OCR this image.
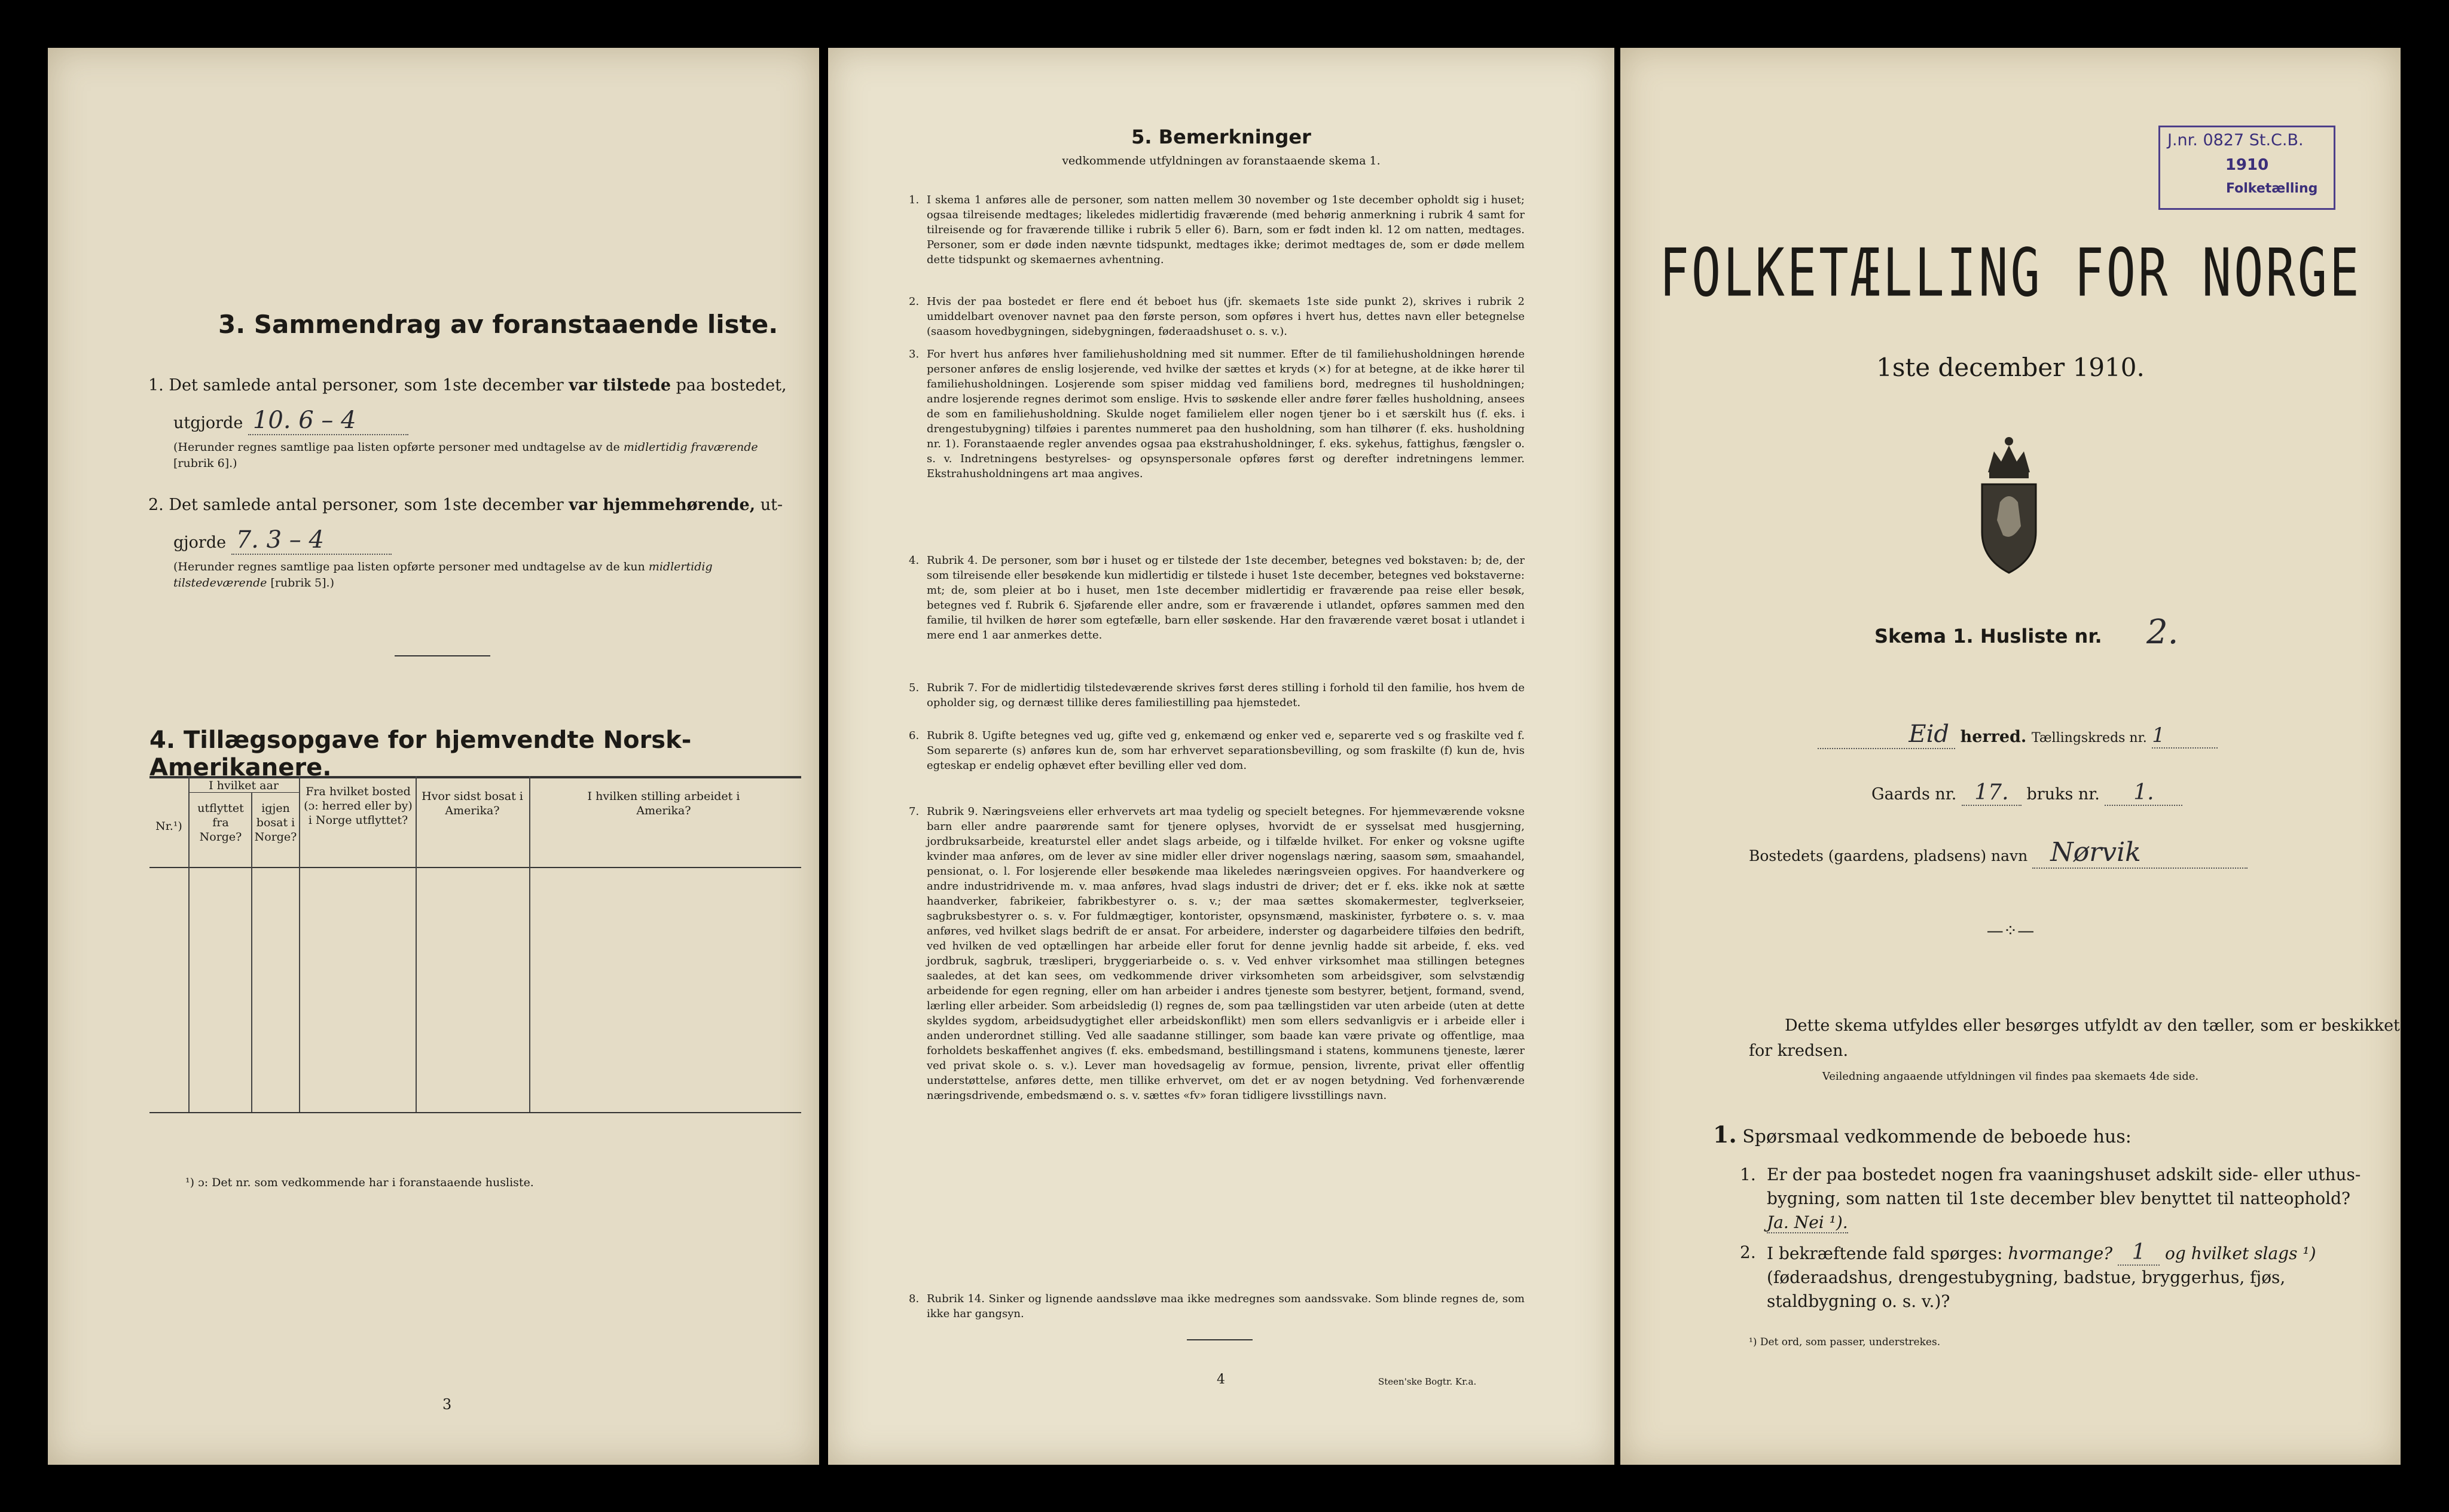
3. Sammendrag av foranstaaende liste.
1. Det samlede antal personer, som 1ste december var tilstede paa bostedet,
utgjorde 10. 6 – 4
(Herunder regnes samtlige paa listen opførte personer med undtagelse av de midlertidig fraværende [rubrik 6].)
2. Det samlede antal personer, som 1ste december var hjemmehørende, ut-
gjorde 7. 3 – 4
(Herunder regnes samtlige paa listen opførte personer med undtagelse av de kun midlertidig tilstedeværende [rubrik 5].)
4. Tillægsopgave for hjemvendte Norsk-Amerikanere.
Nr.¹)
I hvilket aar
utflyttet fra Norge?
igjen bosat i Norge?
Fra hvilket bosted (ɔ: herred eller by) i Norge utflyttet?
Hvor sidst bosat i Amerika?
I hvilken stilling arbeidet i Amerika?
¹) ɔ: Det nr. som vedkommende har i foranstaaende husliste.
3
5. Bemerkninger
vedkommende utfyldningen av foranstaaende skema 1.
1. I skema 1 anføres alle de personer, som natten mellem 30 november og 1ste december opholdt sig i huset; ogsaa tilreisende medtages; likeledes midlertidig fraværende (med behørig anmerkning i rubrik 4 samt for tilreisende og for fraværende tillike i rubrik 5 eller 6). Barn, som er født inden kl. 12 om natten, medtages. Personer, som er døde inden nævnte tidspunkt, medtages ikke; derimot medtages de, som er døde mellem dette tidspunkt og skemaernes avhentning.
2. Hvis der paa bostedet er flere end ét beboet hus (jfr. skemaets 1ste side punkt 2), skrives i rubrik 2 umiddelbart ovenover navnet paa den første person, som opføres i hvert hus, dettes navn eller betegnelse (saasom hovedbygningen, sidebygningen, føderaadshuset o. s. v.).
3. For hvert hus anføres hver familiehusholdning med sit nummer. Efter de til familiehusholdningen hørende personer anføres de enslig losjerende, ved hvilke der sættes et kryds (×) for at betegne, at de ikke hører til familiehusholdningen. Losjerende som spiser middag ved familiens bord, medregnes til husholdningen; andre losjerende regnes derimot som enslige. Hvis to søskende eller andre fører fælles husholdning, ansees de som en familiehusholdning. Skulde noget familielem eller nogen tjener bo i et særskilt hus (f. eks. i drengestubygning) tilføies i parentes nummeret paa den husholdning, som han tilhører (f. eks. husholdning nr. 1). Foranstaaende regler anvendes ogsaa paa ekstrahusholdninger, f. eks. sykehus, fattighus, fængsler o. s. v. Indretningens bestyrelses- og opsynspersonale opføres først og derefter indretningens lemmer. Ekstrahusholdningens art maa angives.
4. Rubrik 4. De personer, som bør i huset og er tilstede der 1ste december, betegnes ved bokstaven: b; de, der som tilreisende eller besøkende kun midlertidig er tilstede i huset 1ste december, betegnes ved bokstaverne: mt; de, som pleier at bo i huset, men 1ste december midlertidig er fraværende paa reise eller besøk, betegnes ved f. Rubrik 6. Sjøfarende eller andre, som er fraværende i utlandet, opføres sammen med den familie, til hvilken de hører som egtefælle, barn eller søskende. Har den fraværende været bosat i utlandet i mere end 1 aar anmerkes dette.
5. Rubrik 7. For de midlertidig tilstedeværende skrives først deres stilling i forhold til den familie, hos hvem de opholder sig, og dernæst tillike deres familiestilling paa hjemstedet.
6. Rubrik 8. Ugifte betegnes ved ug, gifte ved g, enkemænd og enker ved e, separerte ved s og fraskilte ved f. Som separerte (s) anføres kun de, som har erhvervet separationsbevilling, og som fraskilte (f) kun de, hvis egteskap er endelig ophævet efter bevilling eller ved dom.
7. Rubrik 9. Næringsveiens eller erhvervets art maa tydelig og specielt betegnes. For hjemmeværende voksne barn eller andre paarørende samt for tjenere oplyses, hvorvidt de er sysselsat med husgjerning, jordbruksarbeide, kreaturstel eller andet slags arbeide, og i tilfælde hvilket. For enker og voksne ugifte kvinder maa anføres, om de lever av sine midler eller driver nogenslags næring, saasom søm, smaahandel, pensionat, o. l. For losjerende eller besøkende maa likeledes næringsveien opgives. For haandverkere og andre industridrivende m. v. maa anføres, hvad slags industri de driver; det er f. eks. ikke nok at sætte haandverker, fabrikeier, fabrikbestyrer o. s. v.; der maa sættes skomakermester, teglverkseier, sagbruksbestyrer o. s. v. For fuldmægtiger, kontorister, opsynsmænd, maskinister, fyrbøtere o. s. v. maa anføres, ved hvilket slags bedrift de er ansat. For arbeidere, inderster og dagarbeidere tilføies den bedrift, ved hvilken de ved optællingen har arbeide eller forut for denne jevnlig hadde sit arbeide, f. eks. ved jordbruk, sagbruk, træsliperi, bryggeriarbeide o. s. v. Ved enhver virksomhet maa stillingen betegnes saaledes, at det kan sees, om vedkommende driver virksomheten som arbeidsgiver, som selvstændig arbeidende for egen regning, eller om han arbeider i andres tjeneste som bestyrer, betjent, formand, svend, lærling eller arbeider. Som arbeidsledig (l) regnes de, som paa tællingstiden var uten arbeide (uten at dette skyldes sygdom, arbeidsudygtighet eller arbeidskonflikt) men som ellers sedvanligvis er i arbeide eller i anden underordnet stilling. Ved alle saadanne stillinger, som baade kan være private og offentlige, maa forholdets beskaffenhet angives (f. eks. embedsmand, bestillingsmand i statens, kommunens tjeneste, lærer ved privat skole o. s. v.). Lever man hovedsagelig av formue, pension, livrente, privat eller offentlig understøttelse, anføres dette, men tillike erhvervet, om det er av nogen betydning. Ved forhenværende næringsdrivende, embedsmænd o. s. v. sættes «fv» foran tidligere livsstillings navn.
8. Rubrik 14. Sinker og lignende aandssløve maa ikke medregnes som aandssvake. Som blinde regnes de, som ikke har gangsyn.
4	Steen'ske Bogtr. Kr.a.
J.nr. 0827 St.C.B.
1910
Folketælling
FOLKETÆLLING FOR NORGE
1ste december 1910.
Skema 1. Husliste nr. 2.
Eid herred. Tællingskreds nr. 1
Gaards nr. 17. bruks nr. 1.
Bostedets (gaardens, pladsens) navn Nørvik
—⁘—
Dette skema utfyldes eller besørges utfyldt av den tæller, som er beskikket for kredsen.
Veiledning angaaende utfyldningen vil findes paa skemaets 4de side.
1. Spørsmaal vedkommende de beboede hus:
1. Er der paa bostedet nogen fra vaaningshuset adskilt side- eller uthus-bygning, som natten til 1ste december blev benyttet til natteophold? Ja. Nei ¹).
2. I bekræftende fald spørges: hvormange? 1 og hvilket slags ¹) (føderaadshus, drengestubygning, badstue, bryggerhus, fjøs, staldbygning o. s. v.)?
¹) Det ord, som passer, understrekes.
